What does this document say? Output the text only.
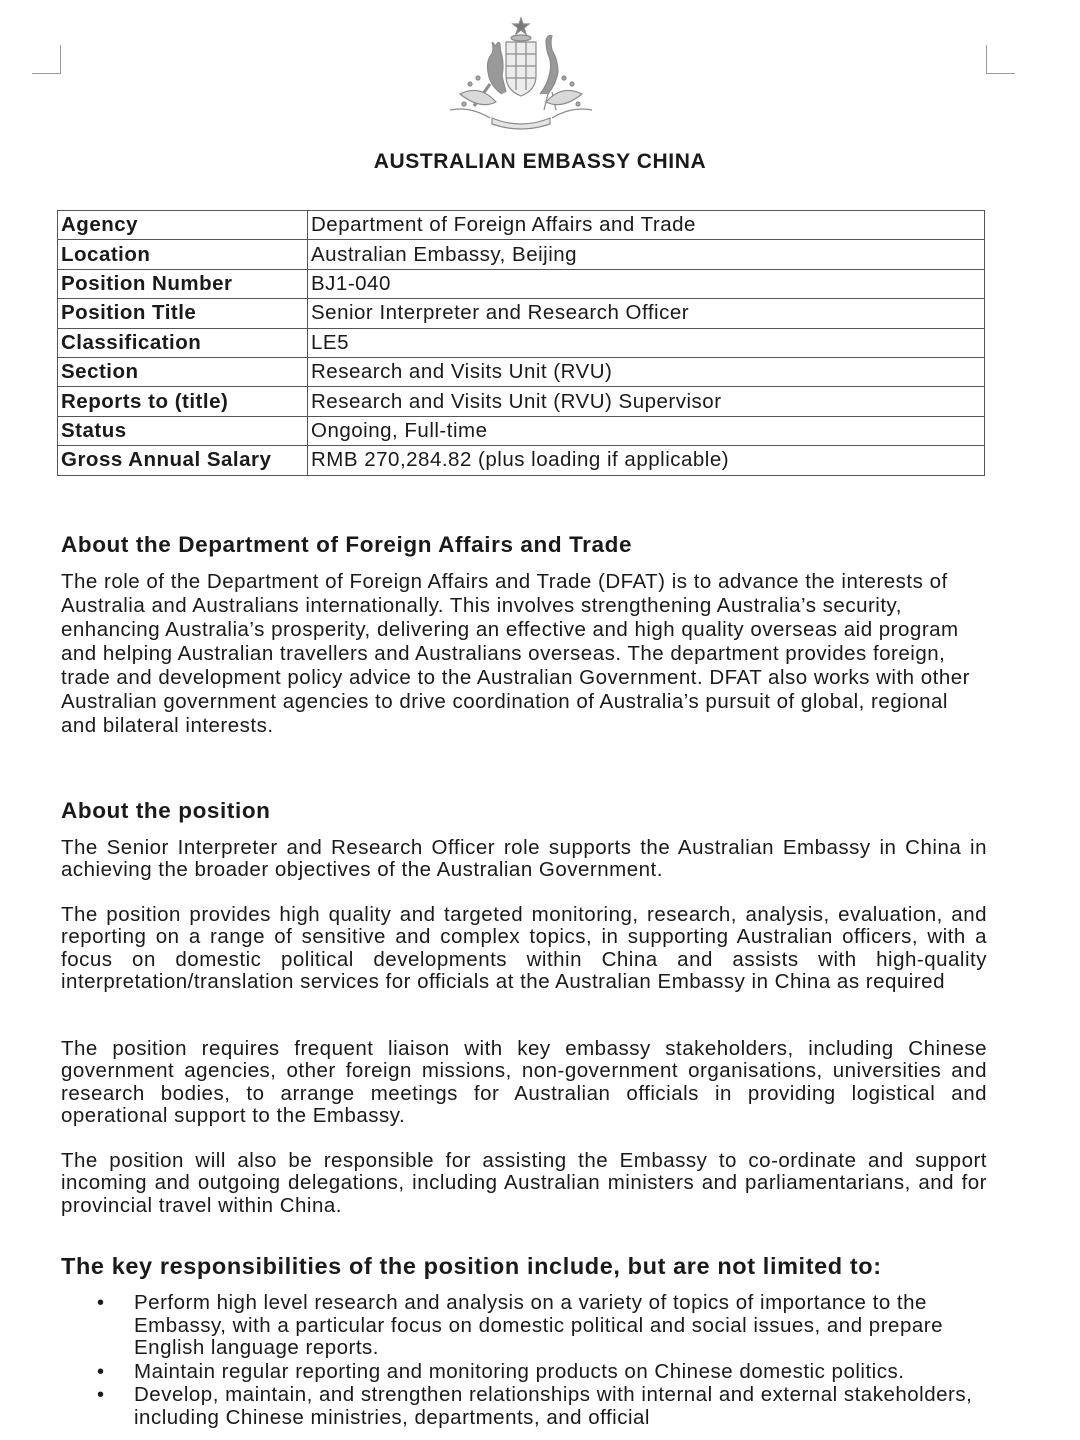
AUSTRALIAN EMBASSY CHINA
Agency	Department of Foreign Affairs and Trade
Location	Australian Embassy, Beijing
Position Number	BJ1-040
Position Title	Senior Interpreter and Research Officer
Classification	LE5
Section	Research and Visits Unit (RVU)
Reports to (title)	Research and Visits Unit (RVU) Supervisor
Status	Ongoing, Full-time
Gross Annual Salary	RMB 270,284.82 (plus loading if applicable)
About the Department of Foreign Affairs and Trade

The role of the Department of Foreign Affairs and Trade (DFAT) is to advance the interests of Australia and Australians internationally. This involves strengthening Australia’s security, enhancing Australia’s prosperity, delivering an effective and high quality overseas aid program and helping Australian travellers and Australians overseas. The department provides foreign, trade and development policy advice to the Australian Government. DFAT also works with other Australian government agencies to drive coordination of Australia’s pursuit of global, regional and bilateral interests.

About the position

The Senior Interpreter and Research Officer role supports the Australian Embassy in China in achieving the broader objectives of the Australian Government.

The position provides high quality and targeted monitoring, research, analysis, evaluation, and reporting on a range of sensitive and complex topics, in supporting Australian officers, with a focus on domestic political developments within China and assists with high-quality interpretation/translation services for officials at the Australian Embassy in China as required

The position requires frequent liaison with key embassy stakeholders, including Chinese government agencies, other foreign missions, non-government organisations, universities and research bodies, to arrange meetings for Australian officials in providing logistical and operational support to the Embassy.

The position will also be responsible for assisting the Embassy to co-ordinate and support incoming and outgoing delegations, including Australian ministers and parliamentarians, and for provincial travel within China.

The key responsibilities of the position include, but are not limited to:
• Perform high level research and analysis on a variety of topics of importance to the Embassy, with a particular focus on domestic political and social issues, and prepare English language reports.
• Maintain regular reporting and monitoring products on Chinese domestic politics.
• Develop, maintain, and strengthen relationships with internal and external stakeholders, including Chinese ministries, departments, and official
